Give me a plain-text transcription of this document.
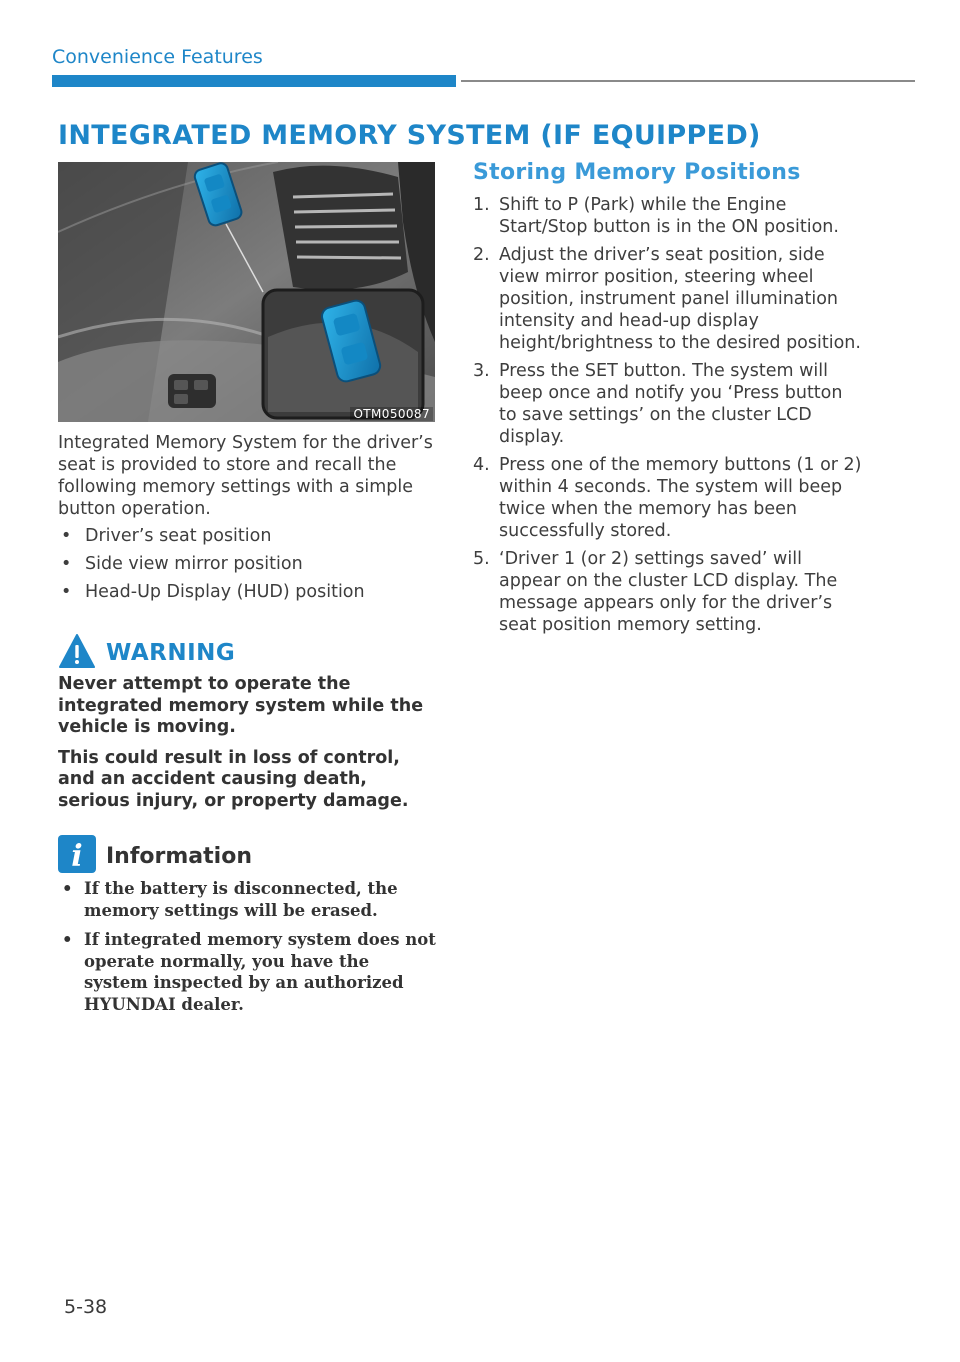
Convenience Features
INTEGRATED MEMORY SYSTEM (IF EQUIPPED)
OTM050087
Integrated Memory System for the driver’s seat is provided to store and recall the following memory settings with a simple button operation.
• Driver’s seat position
• Side view mirror position
• Head-Up Display (HUD) position
WARNING

Never attempt to operate the integrated memory system while the vehicle is moving.

This could result in loss of control, and an accident causing death, serious injury, or property damage.

i Information
• If the battery is disconnected, the memory settings will be erased.
• If integrated memory system does not operate normally, you have the system inspected by an authorized HYUNDAI dealer.
Storing Memory Positions
1. Shift to P (Park) while the Engine Start/Stop button is in the ON position.
2. Adjust the driver’s seat position, side view mirror position, steering wheel position, instrument panel illumination intensity and head-up display height/brightness to the desired position.
3. Press the SET button. The system will beep once and notify you ‘Press button to save settings’ on the cluster LCD display.
4. Press one of the memory buttons (1 or 2) within 4 seconds. The system will beep twice when the memory has been successfully stored.
5. ‘Driver 1 (or 2) settings saved’ will appear on the cluster LCD display. The message appears only for the driver’s seat position memory setting.
5-38
